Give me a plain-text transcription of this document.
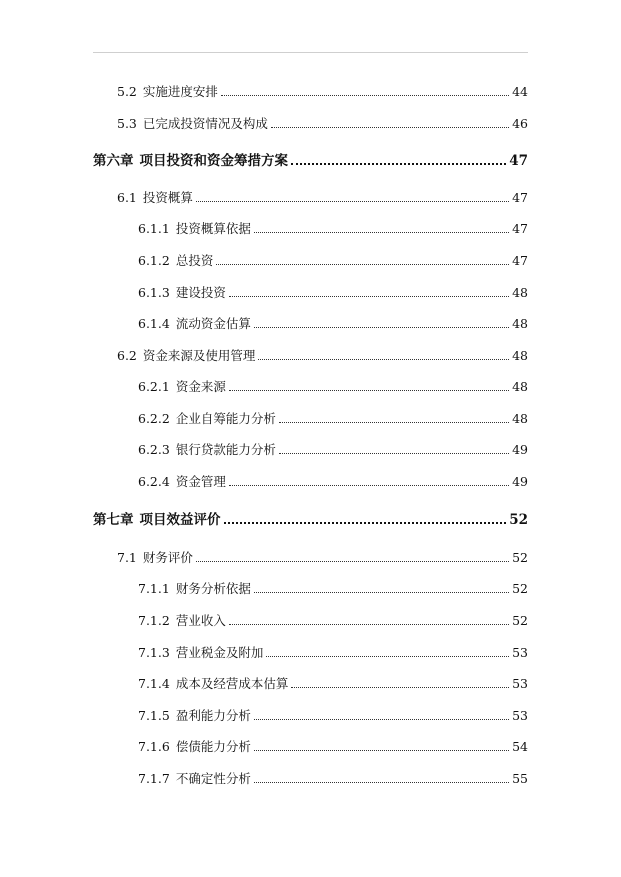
5.2 实施进度安排	44
5.3 已完成投资情况及构成	46
第六章 项目投资和资金筹措方案	47
6.1 投资概算	47
6.1.1 投资概算依据	47
6.1.2 总投资	47
6.1.3 建设投资	48
6.1.4 流动资金估算	48
6.2 资金来源及使用管理	48
6.2.1 资金来源	48
6.2.2 企业自筹能力分析	48
6.2.3 银行贷款能力分析	49
6.2.4 资金管理	49
第七章 项目效益评价	52
7.1 财务评价	52
7.1.1 财务分析依据	52
7.1.2 营业收入	52
7.1.3 营业税金及附加	53
7.1.4 成本及经营成本估算	53
7.1.5 盈利能力分析	53
7.1.6 偿债能力分析	54
7.1.7 不确定性分析	55
